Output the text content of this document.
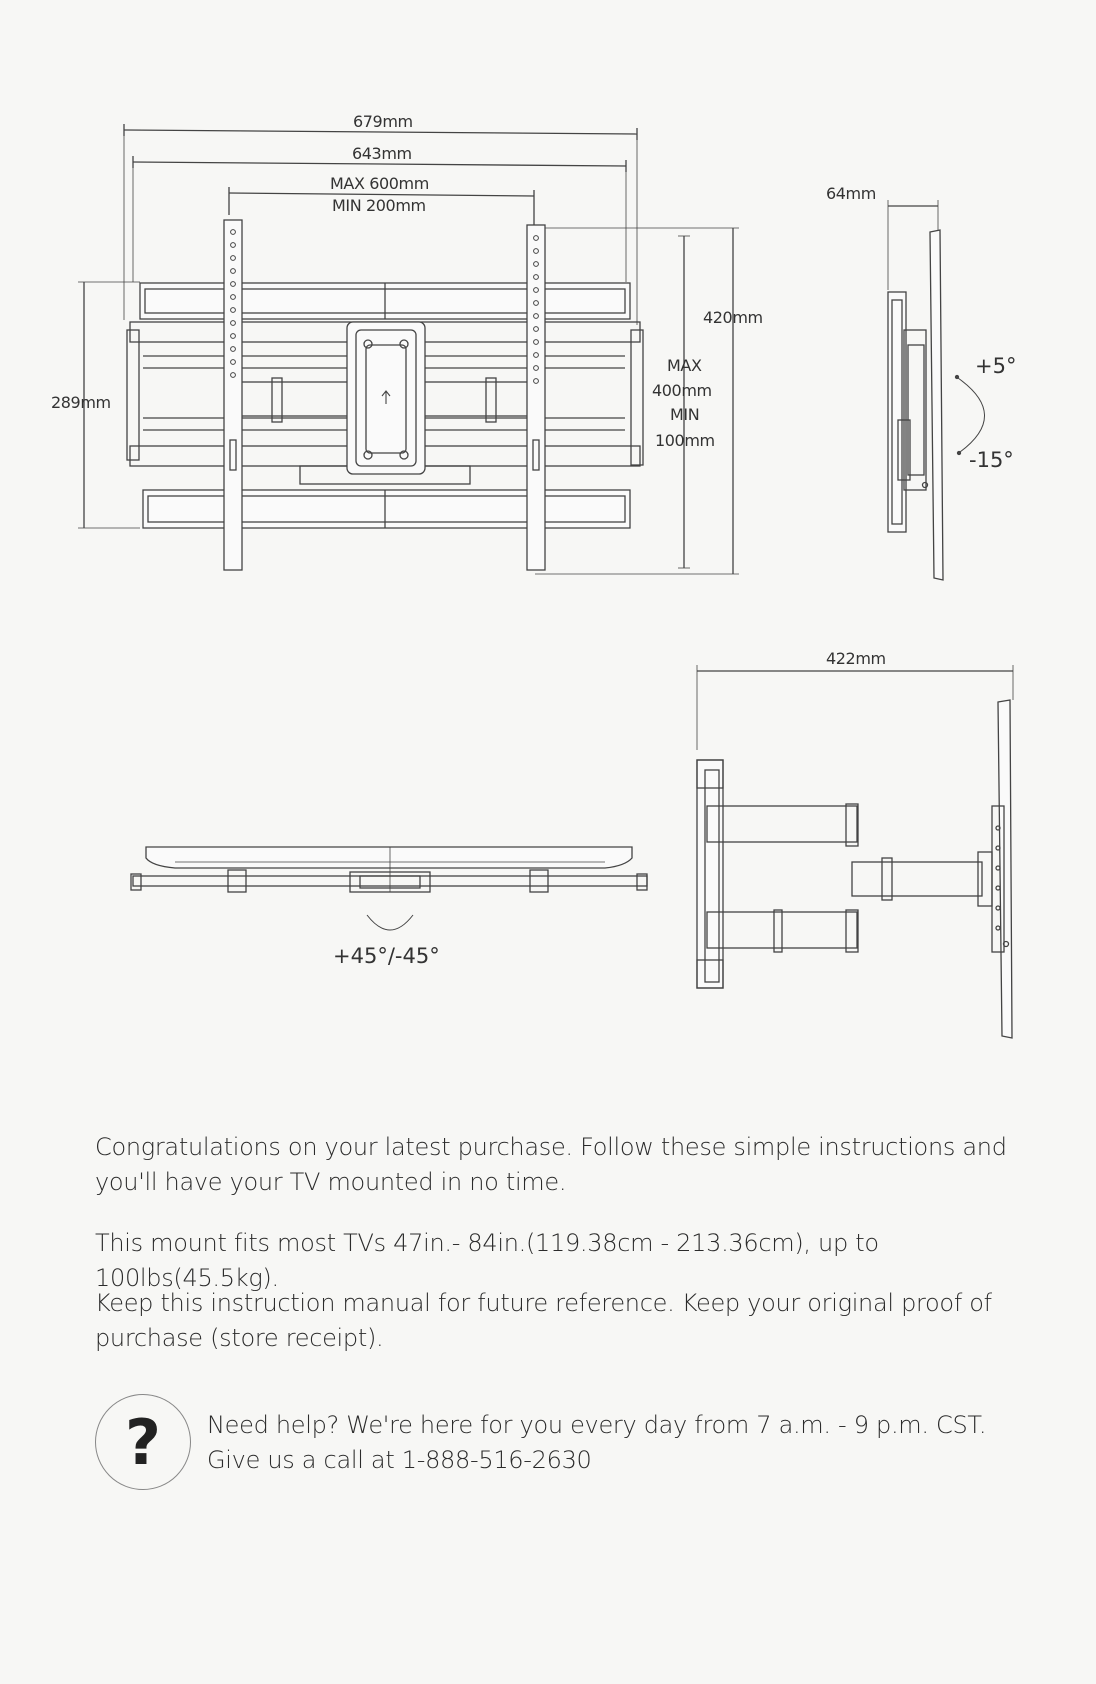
679mm
643mm
MAX 600mm
MIN 200mm
289mm
420mm
MAX
400mm
MIN
100mm
64mm
+5°
-15°
+45°/-45°
422mm

Congratulations on your latest purchase. Follow these simple instructions and you'll have your TV mounted in no time.

This mount fits most TVs 47in.- 84in.(119.38cm - 213.36cm), up to 100lbs(45.5kg).

Keep this instruction manual for future reference. Keep your original proof of purchase (store receipt).

?	Need help? We're here for you every day from 7 a.m. - 9 p.m. CST.
Give us a call at 1-888-516-2630
